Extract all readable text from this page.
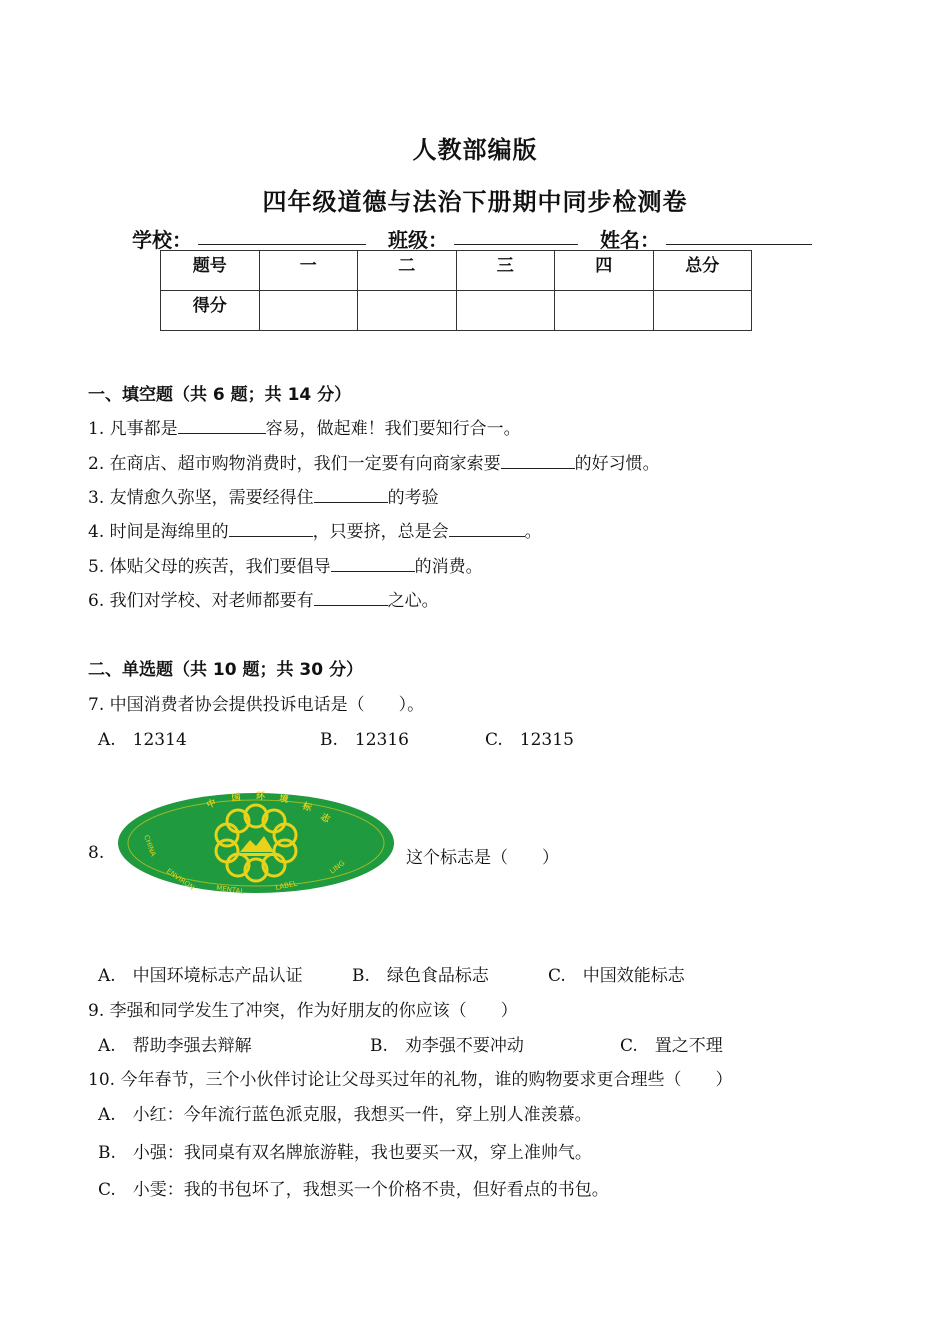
人教部编版
四年级道德与法治下册期中同步检测卷
学校：	班级：	姓名：
题号	一	二	三	四	总分
得分					
一、填空题（共 6 题；共 14 分）
1. 凡事都是	容易，做起难！我们要知行合一。
2. 在商店、超市购物消费时，我们一定要有向商家索要	的好习惯。
3. 友情愈久弥坚，需要经得住	的考验
4. 时间是海绵里的	，只要挤，总是会	。
5. 体贴父母的疾苦，我们要倡导	的消费。
6. 我们对学校、对老师都要有	之心。
二、单选题（共 10 题；共 30 分）
7. 中国消费者协会提供投诉电话是（　　）。
A.　12314	B.　12316	C.　12315
8.
中 国 环 境
标
志
CHINA
ENVIRON	MENTAL	LABEL
LING	这个标志是（　　）
A.　中国环境标志产品认证	B.　绿色食品标志	C.　中国效能标志
9. 李强和同学发生了冲突，作为好朋友的你应该（　　）
A.　帮助李强去辩解	B.　劝李强不要冲动	C.　置之不理
10. 今年春节，三个小伙伴讨论让父母买过年的礼物，谁的购物要求更合理些（　　）
A.　小红：今年流行蓝色派克服，我想买一件，穿上别人准羡慕。
B.　小强：我同桌有双名牌旅游鞋，我也要买一双，穿上准帅气。
C.　小雯：我的书包坏了，我想买一个价格不贵，但好看点的书包。
